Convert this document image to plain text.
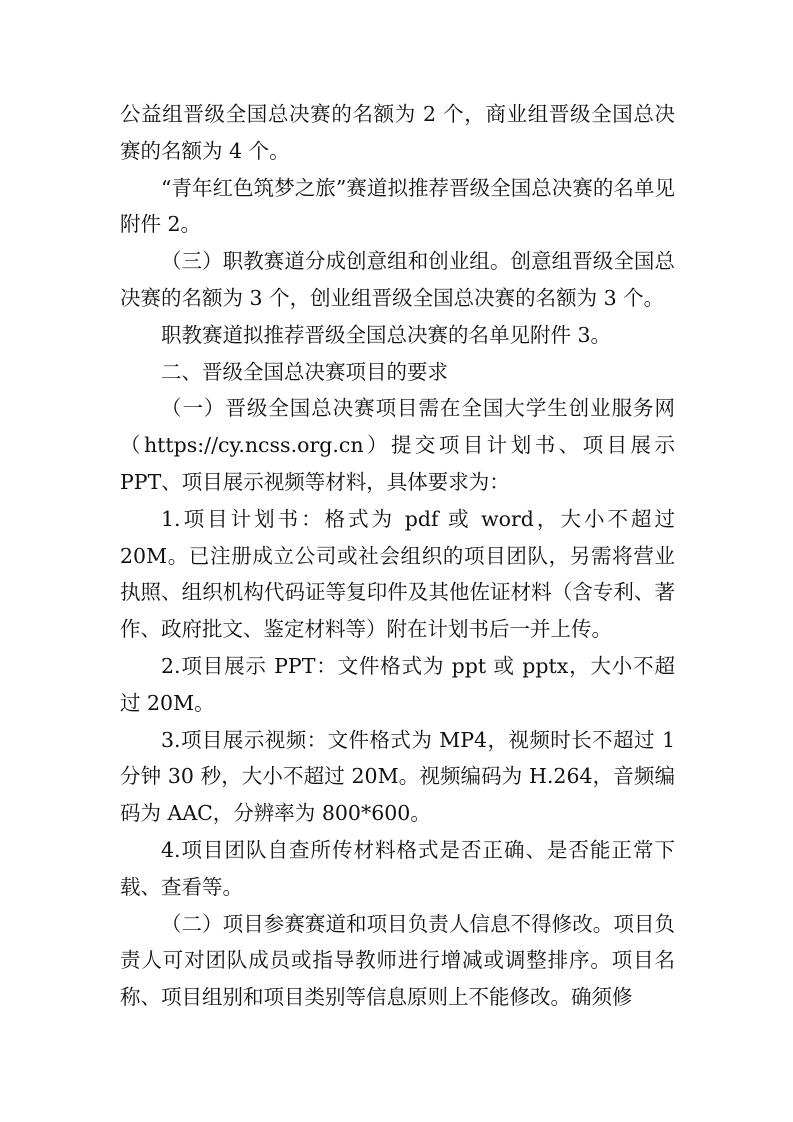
公益组晋级全国总决赛的名额为 2 个，商业组晋级全国总决赛的名额为 4 个。

“青年红色筑梦之旅”赛道拟推荐晋级全国总决赛的名单见附件 2。

（三）职教赛道分成创意组和创业组。创意组晋级全国总决赛的名额为 3 个，创业组晋级全国总决赛的名额为 3 个。

职教赛道拟推荐晋级全国总决赛的名单见附件 3。

二、晋级全国总决赛项目的要求

（一）晋级全国总决赛项目需在全国大学生创业服务网（https://cy.ncss.org.cn）提交项目计划书、项目展示 PPT、项目展示视频等材料，具体要求为：

1.项目计划书：格式为 pdf 或 word，大小不超过 20M。已注册成立公司或社会组织的项目团队，另需将营业执照、组织机构代码证等复印件及其他佐证材料（含专利、著作、政府批文、鉴定材料等）附在计划书后一并上传。

2.项目展示 PPT：文件格式为 ppt 或 pptx，大小不超过 20M。

3.项目展示视频：文件格式为 MP4，视频时长不超过 1 分钟 30 秒，大小不超过 20M。视频编码为 H.264，音频编码为 AAC，分辨率为 800*600。

4.项目团队自查所传材料格式是否正确、是否能正常下载、查看等。

（二）项目参赛赛道和项目负责人信息不得修改。项目负责人可对团队成员或指导教师进行增减或调整排序。项目名称、项目组别和项目类别等信息原则上不能修改。确须修
